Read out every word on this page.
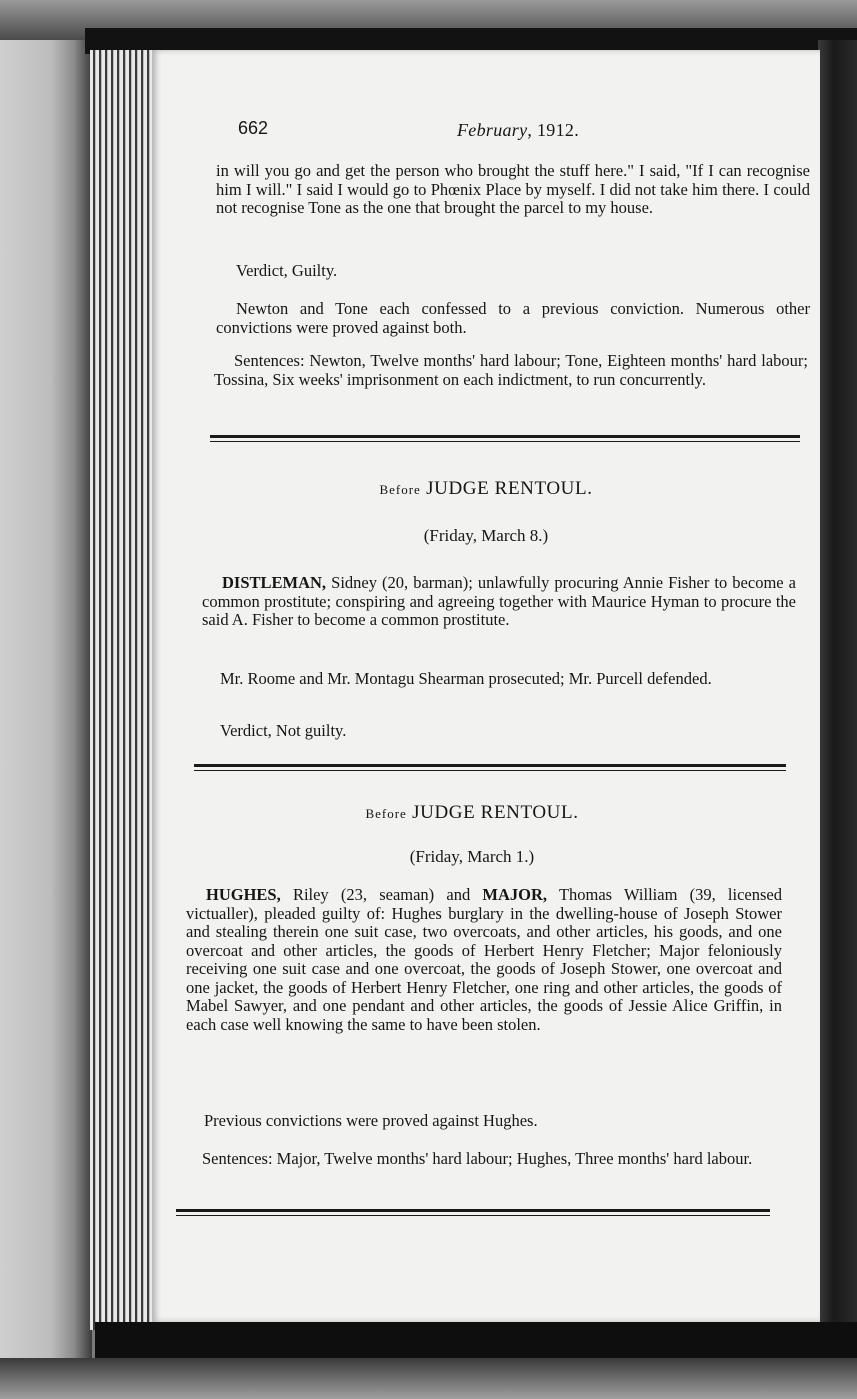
662	February, 1912.

in will you go and get the person who brought the stuff here." I said, "If I can recognise him I will." I said I would go to Phœnix Place by myself. I did not take him there. I could not recognise Tone as the one that brought the parcel to my house.

Verdict, Guilty.

Newton and Tone each confessed to a previous conviction. Numerous other convictions were proved against both.

Sentences: Newton, Twelve months' hard labour; Tone, Eighteen months' hard labour; Tossina, Six weeks' imprisonment on each indictment, to run concurrently.

Before JUDGE RENTOUL.

(Friday, March 8.)

DISTLEMAN, Sidney (20, barman); unlawfully procuring Annie Fisher to become a common prostitute; conspiring and agreeing together with Maurice Hyman to procure the said A. Fisher to become a common prostitute.

Mr. Roome and Mr. Montagu Shearman prosecuted; Mr. Purcell defended.

Verdict, Not guilty.

Before JUDGE RENTOUL.

(Friday, March 1.)

HUGHES, Riley (23, seaman) and MAJOR, Thomas William (39, licensed victualler), pleaded guilty of: Hughes burglary in the dwelling-house of Joseph Stower and stealing therein one suit case, two overcoats, and other articles, his goods, and one overcoat and other articles, the goods of Herbert Henry Fletcher; Major feloniously receiving one suit case and one overcoat, the goods of Joseph Stower, one overcoat and one jacket, the goods of Herbert Henry Fletcher, one ring and other articles, the goods of Mabel Sawyer, and one pendant and other articles, the goods of Jessie Alice Griffin, in each case well knowing the same to have been stolen.

Previous convictions were proved against Hughes.

Sentences: Major, Twelve months' hard labour; Hughes, Three months' hard labour.
